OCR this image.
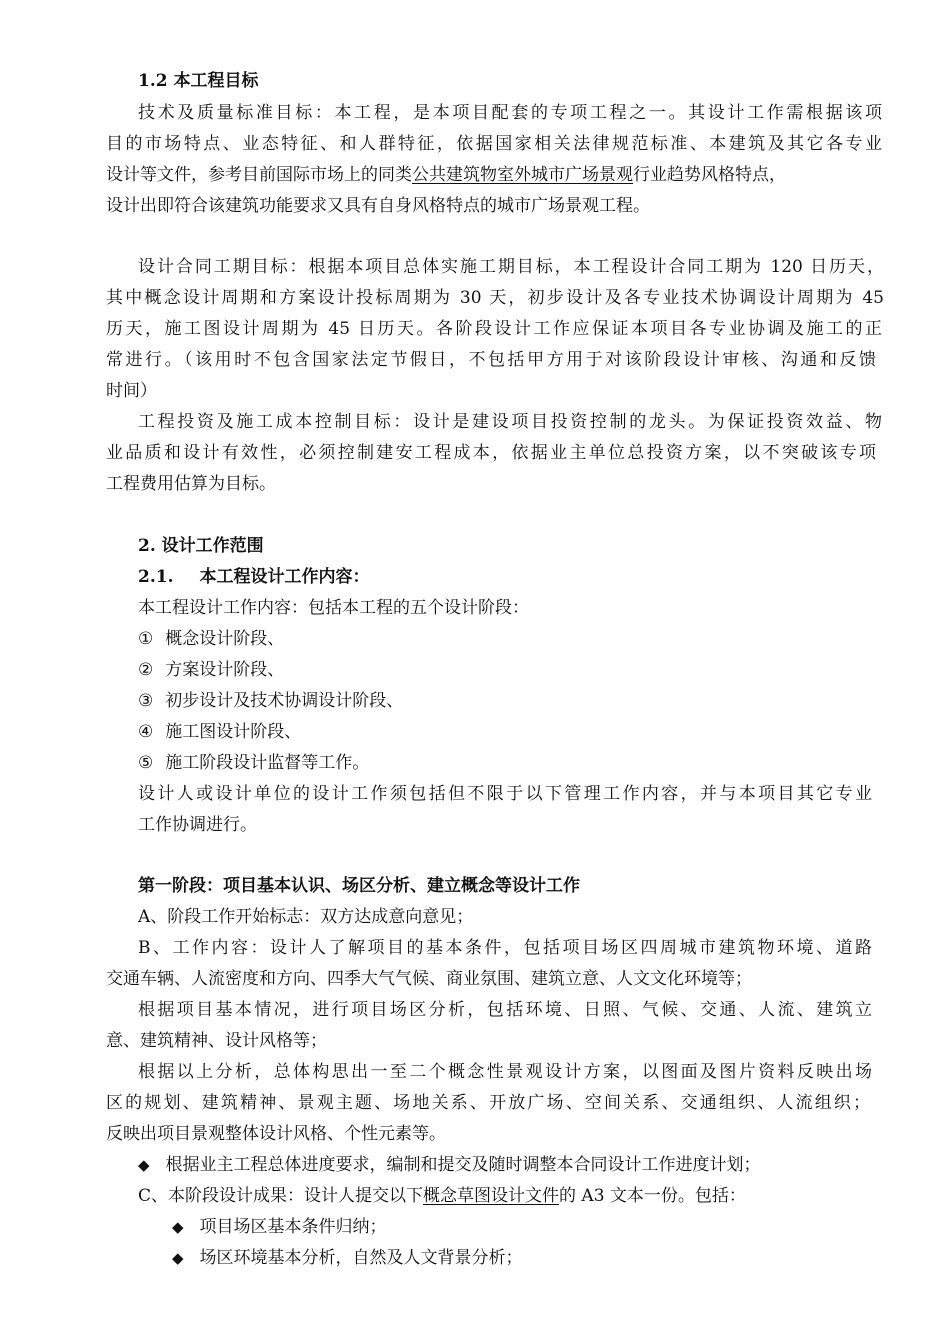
1.2 本工程目标
技术及质量标准目标：本工程，是本项目配套的专项工程之一。其设计工作需根据该项
目的市场特点、业态特征、和人群特征，依据国家相关法律规范标准、本建筑及其它各专业
设计等文件，参考目前国际市场上的同类公共建筑物室外城市广场景观行业趋势风格特点，
设计出即符合该建筑功能要求又具有自身风格特点的城市广场景观工程。
设计合同工期目标：根据本项目总体实施工期目标，本工程设计合同工期为 120 日历天，
其中概念设计周期和方案设计投标周期为 30 天，初步设计及各专业技术协调设计周期为 45
历天，施工图设计周期为 45 日历天。各阶段设计工作应保证本项目各专业协调及施工的正
常进行。（该用时不包含国家法定节假日，不包括甲方用于对该阶段设计审核、沟通和反馈
时间）
工程投资及施工成本控制目标：设计是建设项目投资控制的龙头。为保证投资效益、物
业品质和设计有效性，必须控制建安工程成本，依据业主单位总投资方案，以不突破该专项
工程费用估算为目标。
2. 设计工作范围
2.1. 本工程设计工作内容：
本工程设计工作内容：包括本工程的五个设计阶段：
① 概念设计阶段、
② 方案设计阶段、
③ 初步设计及技术协调设计阶段、
④ 施工图设计阶段、
⑤ 施工阶段设计监督等工作。
设计人或设计单位的设计工作须包括但不限于以下管理工作内容，并与本项目其它专业
工作协调进行。
第一阶段：项目基本认识、场区分析、建立概念等设计工作
A、阶段工作开始标志：双方达成意向意见；
B、工作内容：设计人了解项目的基本条件，包括项目场区四周城市建筑物环境、道路
交通车辆、人流密度和方向、四季大气气候、商业氛围、建筑立意、人文文化环境等；
根据项目基本情况，进行项目场区分析，包括环境、日照、气候、交通、人流、建筑立
意、建筑精神、设计风格等；
根据以上分析，总体构思出一至二个概念性景观设计方案，以图面及图片资料反映出场
区的规划、建筑精神、景观主题、场地关系、开放广场、空间关系、交通组织、人流组织；
反映出项目景观整体设计风格、个性元素等。
◆ 根据业主工程总体进度要求，编制和提交及随时调整本合同设计工作进度计划；
C、本阶段设计成果：设计人提交以下概念草图设计文件的 A3 文本一份。包括：
◆ 项目场区基本条件归纳；
◆ 场区环境基本分析，自然及人文背景分析；
